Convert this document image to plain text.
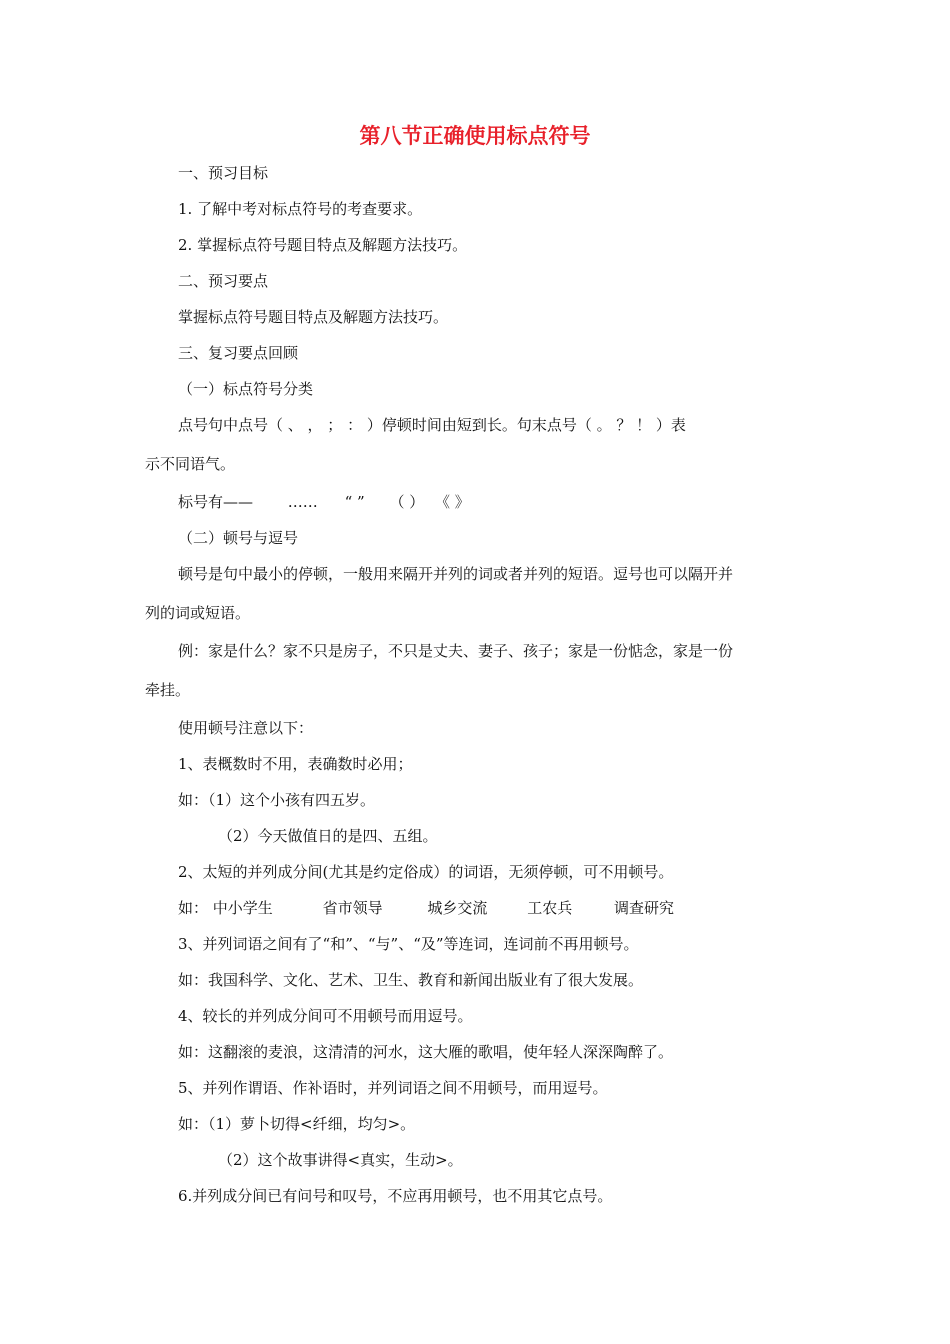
第八节正确使用标点符号
一、预习目标
1. 了解中考对标点符号的考查要求。
2. 掌握标点符号题目特点及解题方法技巧。
二、预习要点
掌握标点符号题目特点及解题方法技巧。
三、复习要点回顾
（一）标点符号分类
点号句中点号（ 、 ， ； ： ）停顿时间由短到长。句末点号（ 。 ？ ！ ）表
示不同语气。
标号有—— …… “ ” （ ） 《 》
（二）顿号与逗号
顿号是句中最小的停顿，一般用来隔开并列的词或者并列的短语。逗号也可以隔开并
列的词或短语。
例：家是什么？家不只是房子，不只是丈夫、妻子、孩子；家是一份惦念，家是一份
牵挂。
使用顿号注意以下：
1、表概数时不用，表确数时必用；
如：（1）这个小孩有四五岁。
（2）今天做值日的是四、五组。
2、太短的并列成分间(尤其是约定俗成）的词语，无须停顿，可不用顿号。
如： 中小学生	省市领导	城乡交流	工农兵	调查研究
3、并列词语之间有了“和”、“与”、“及”等连词，连词前不再用顿号。
如：我国科学、文化、艺术、卫生、教育和新闻出版业有了很大发展。
4、较长的并列成分间可不用顿号而用逗号。
如：这翻滚的麦浪，这清清的河水，这大雁的歌唱，使年轻人深深陶醉了。
5、并列作谓语、作补语时，并列词语之间不用顿号，而用逗号。
如：（1）萝卜切得<纤细，均匀>。
（2）这个故事讲得<真实，生动>。
6.并列成分间已有问号和叹号，不应再用顿号，也不用其它点号。
